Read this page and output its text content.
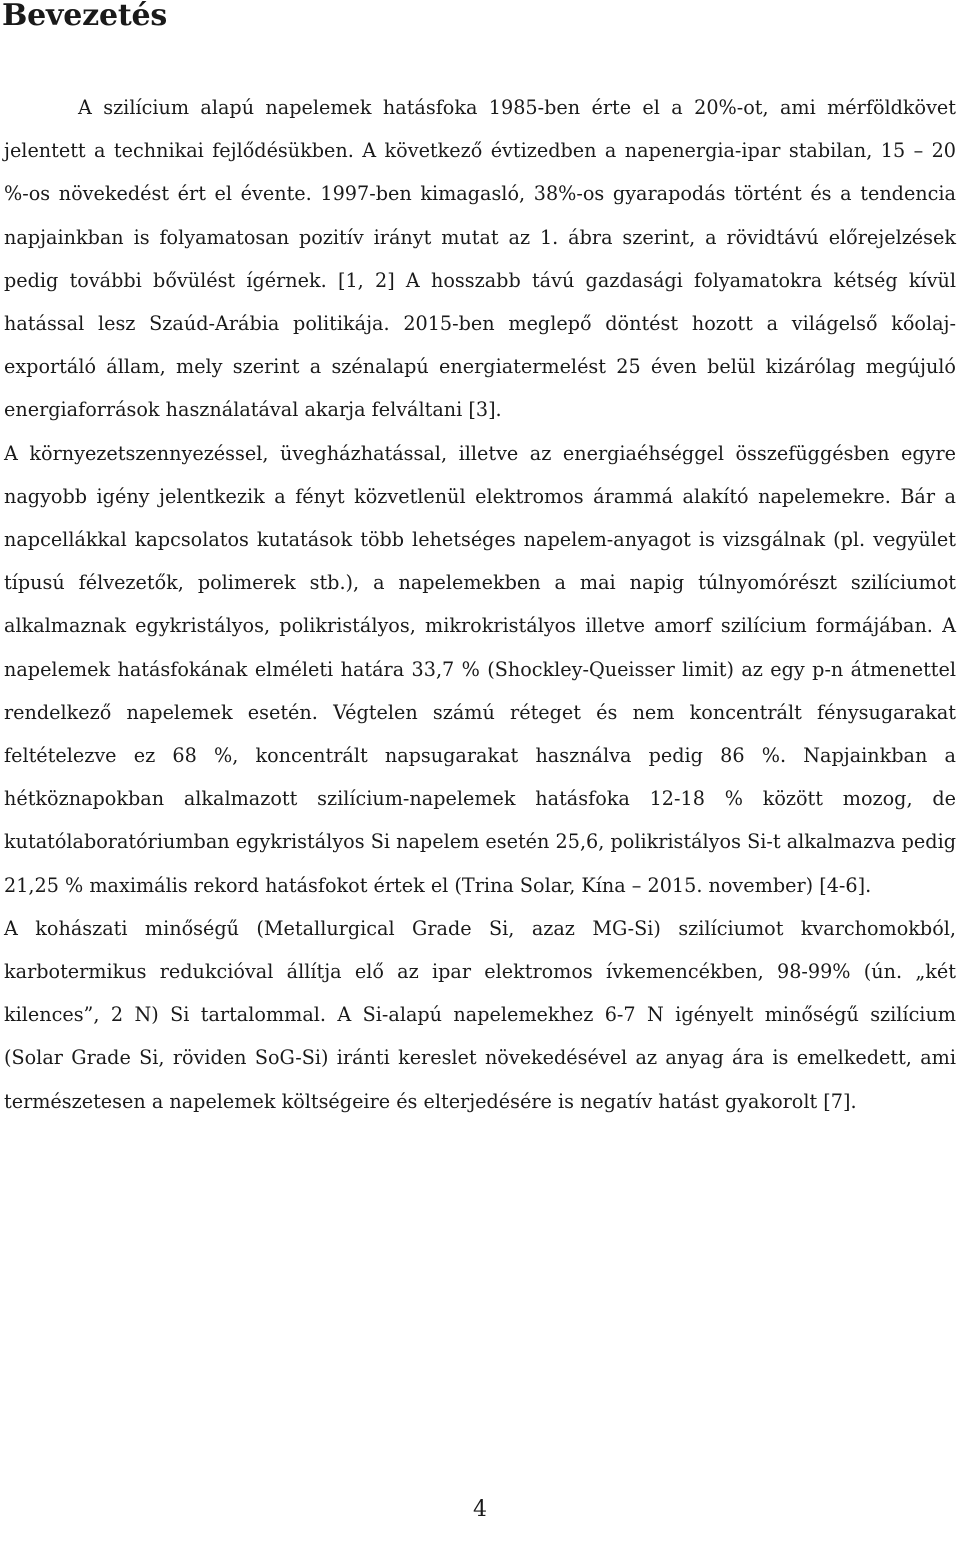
Bevezetés

A szilícium alapú napelemek hatásfoka 1985-ben érte el a 20%-ot, ami mérföldkövet jelentett a technikai fejlődésükben. A következő évtizedben a napenergia-ipar stabilan, 15 – 20 %-os növekedést ért el évente. 1997-ben kimagasló, 38%-os gyarapodás történt és a tendencia napjainkban is folyamatosan pozitív irányt mutat az 1. ábra szerint, a rövidtávú előrejelzések pedig további bővülést ígérnek. [1, 2] A hosszabb távú gazdasági folyamatokra kétség kívül hatással lesz Szaúd-Arábia politikája. 2015-ben meglepő döntést hozott a világelső kőolaj-exportáló állam, mely szerint a szénalapú energiatermelést 25 éven belül kizárólag megújuló energiaforrások használatával akarja felváltani [3].

A környezetszennyezéssel, üvegházhatással, illetve az energiaéhséggel összefüggésben egyre nagyobb igény jelentkezik a fényt közvetlenül elektromos árammá alakító napelemekre. Bár a napcellákkal kapcsolatos kutatások több lehetséges napelem-anyagot is vizsgálnak (pl. vegyület típusú félvezetők, polimerek stb.), a napelemekben a mai napig túlnyomórészt szilíciumot alkalmaznak egykristályos, polikristályos, mikrokristályos illetve amorf szilícium formájában. A napelemek hatásfokának elméleti határa 33,7 % (Shockley-Queisser limit) az egy p-n átmenettel rendelkező napelemek esetén. Végtelen számú réteget és nem koncentrált fénysugarakat feltételezve ez 68 %, koncentrált napsugarakat használva pedig 86 %. Napjainkban a hétköznapokban alkalmazott szilícium-napelemek hatásfoka 12-18 % között mozog, de kutatólaboratóriumban egykristályos Si napelem esetén 25,6, polikristályos Si-t alkalmazva pedig 21,25 % maximális rekord hatásfokot értek el (Trina Solar, Kína – 2015. november) [4-6].

A kohászati minőségű (Metallurgical Grade Si, azaz MG-Si) szilíciumot kvarchomokból, karbotermikus redukcióval állítja elő az ipar elektromos ívkemencékben, 98-99% (ún. „két kilences”, 2 N) Si tartalommal. A Si-alapú napelemekhez 6-7 N igényelt minőségű szilícium (Solar Grade Si, röviden SoG-Si) iránti kereslet növekedésével az anyag ára is emelkedett, ami természetesen a napelemek költségeire és elterjedésére is negatív hatást gyakorolt [7].

4
